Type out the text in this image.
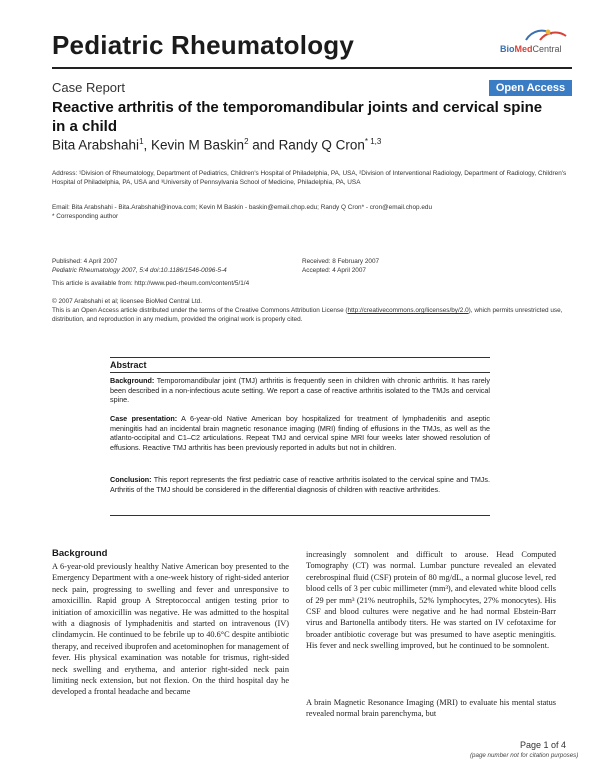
Pediatric Rheumatology	BioMedCentral
Case Report	Open Access
Reactive arthritis of the temporomandibular joints and cervical spine in a child
Bita Arabshahi$^1$, Kevin M Baskin$^2$ and Randy Q Cron$^{* 1,3}$
Address: ¹Division of Rheumatology, Department of Pediatrics, Children's Hospital of Philadelphia, PA, USA, ²Division of Interventional Radiology, Department of Radiology, Children's Hospital of Philadelphia, PA, USA and ³University of Pennsylvania School of Medicine, Philadelphia, PA, USA
Email: Bita Arabshahi - Bita.Arabshahi@inova.com; Kevin M Baskin - baskin@email.chop.edu; Randy Q Cron* - cron@email.chop.edu
* Corresponding author
Published: 4 April 2007
Pediatric Rheumatology 2007, 5:4 doi:10.1186/1546-0096-5-4
Received: 8 February 2007
Accepted: 4 April 2007
This article is available from: http://www.ped-rheum.com/content/5/1/4
© 2007 Arabshahi et al; licensee BioMed Central Ltd.
This is an Open Access article distributed under the terms of the Creative Commons Attribution License (http://creativecommons.org/licenses/by/2.0), which permits unrestricted use, distribution, and reproduction in any medium, provided the original work is properly cited.
Abstract
Background: Temporomandibular joint (TMJ) arthritis is frequently seen in children with chronic arthritis. It has rarely been described in a non-infectious acute setting. We report a case of reactive arthritis isolated to the TMJs and cervical spine.
Case presentation: A 6-year-old Native American boy hospitalized for treatment of lymphadenitis and aseptic meningitis had an incidental brain magnetic resonance imaging (MRI) finding of effusions in the TMJs, as well as the atlanto-occipital and C1–C2 articulations. Repeat TMJ and cervical spine MRI four weeks later showed resolution of effusions. Reactive TMJ arthritis has been previously reported in adults but not in children.
Conclusion: This report represents the first pediatric case of reactive arthritis isolated to the cervical spine and TMJs. Arthritis of the TMJ should be considered in the differential diagnosis of children with reactive arthritides.
Background
A 6-year-old previously healthy Native American boy presented to the Emergency Department with a one-week history of right-sided anterior neck pain, progressing to swelling and fever and unresponsive to amoxicillin. Rapid group A Streptococcal antigen testing prior to initiation of amoxicillin was negative. He was admitted to the hospital with a diagnosis of lymphadenitis and started on intravenous (IV) clindamycin. He continued to be febrile up to 40.6°C despite antibiotic therapy, and received ibuprofen and acetominophen for management of fever. His physical examination was notable for trismus, right-sided neck swelling and erythema, and anterior right-sided neck pain limiting neck extension, but not flexion. On the third hospital day he developed a frontal headache and became
increasingly somnolent and difficult to arouse. Head Computed Tomography (CT) was normal. Lumbar puncture revealed an elevated cerebrospinal fluid (CSF) protein of 80 mg/dL, a normal glucose level, red blood cells of 3 per cubic millimeter (mm³), and elevated white blood cells of 29 per mm³ (21% neutrophils, 52% lymphocytes, 27% monocytes). His CSF and blood cultures were negative and he had normal Ebstein-Barr virus and Bartonella antibody titers. He was started on IV cefotaxime for broader antibiotic coverage but was presumed to have aseptic meningitis. His fever and neck swelling improved, but he continued to be somnolent.
A brain Magnetic Resonance Imaging (MRI) to evaluate his mental status revealed normal brain parenchyma, but
Page 1 of 4
(page number not for citation purposes)
